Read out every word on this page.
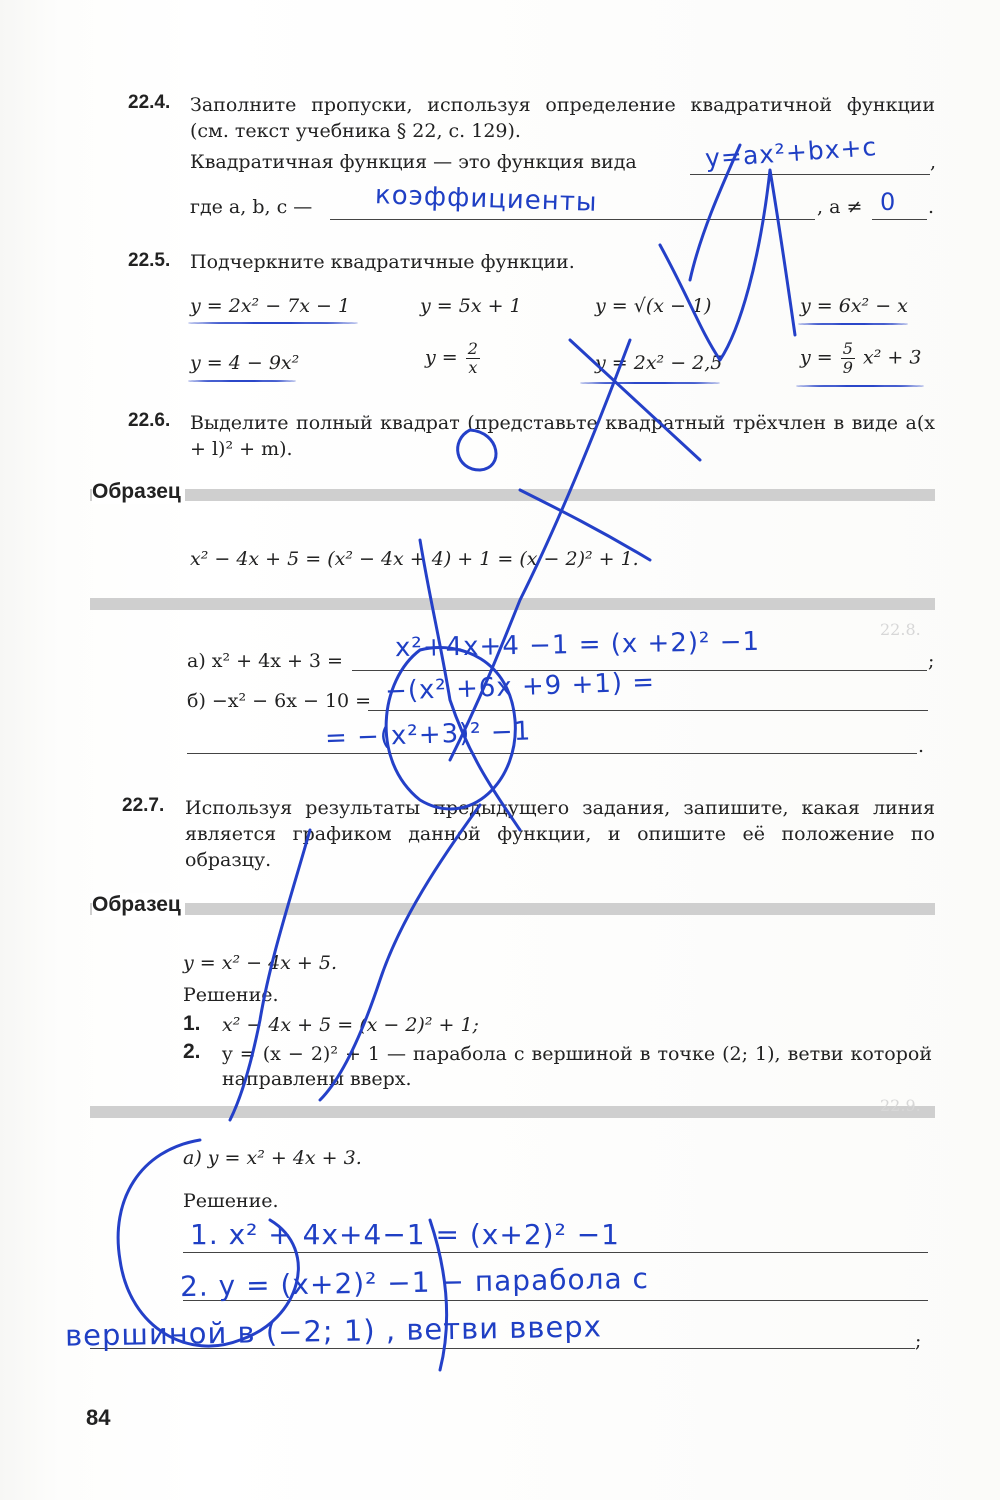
22.4. Заполните пропуски, используя определение квадратичной функции (см. текст учебника § 22, с. 129).
Квадратичная функция — это функция вида	,
y=ax²+bx+c
где a, b, c —	, a ≠	.
коэффициенты	0
22.5. Подчеркните квадратичные функции.
y = 2x² − 7x − 1	y = 5x + 1	y = √(x − 1)	y = 6x² − x
y = 4 − 9x²	$y = \frac{2}{x}$	y = 2x² − 2,5	$y = \frac{5}{9} x^2 + 3$
22.6. Выделите полный квадрат (представьте квадратный трёхчлен в виде a(x + l)² + m).
Образец
x² − 4x + 5 = (x² − 4x + 4) + 1 = (x − 2)² + 1.
а) x² + 4x + 3 =	;
x²+4x+4 −1 = (x +2)² −1
б) −x² − 6x − 10 =
.
−(x² +6x +9 +1) =
= −(x²+3)² −1
22.7. Используя результаты предыдущего задания, запишите, какая линия является графиком данной функции, и опишите её положение по образцу.
Образец
y = x² − 4x + 5.
Решение.
1. x² − 4x + 5 = (x − 2)² + 1;
2. y = (x − 2)² + 1 — парабола с вершиной в точке (2; 1), ветви которой направлены вверх.
а) y = x² + 4x + 3.
Решение.
;
1. x² + 4x+4−1 = (x+2)² −1
2. y = (x+2)² −1 − парабола с
вершиной в (−2; 1) , ветви вверх
22.8.
22.9.
84
